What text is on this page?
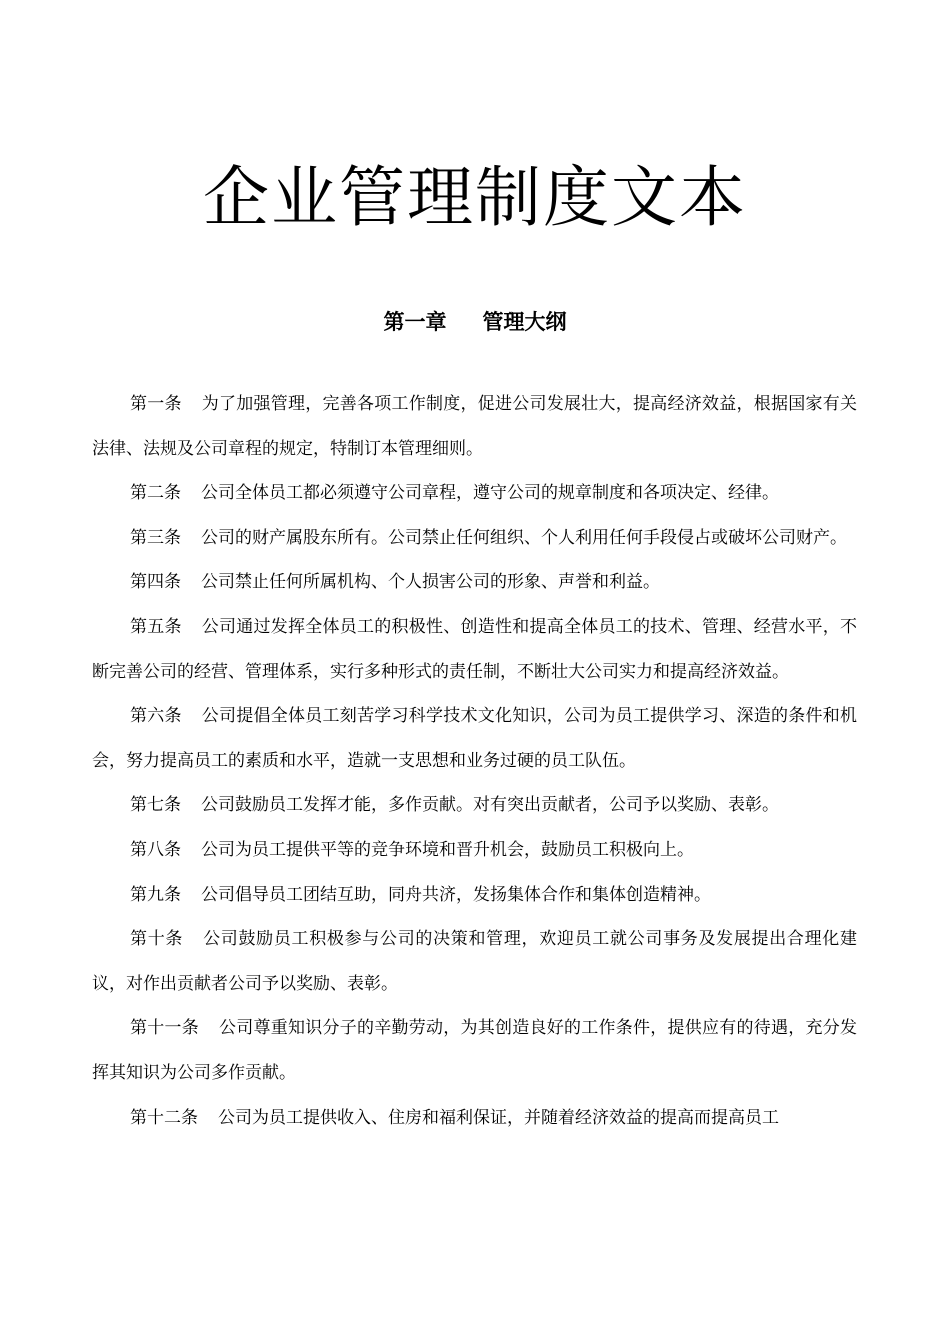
企业管理制度文本
第一章 管理大纲
第一条 为了加强管理，完善各项工作制度，促进公司发展壮大，提高经济效益，根据国家有关法律、法规及公司章程的规定，特制订本管理细则。
第二条 公司全体员工都必须遵守公司章程，遵守公司的规章制度和各项决定、经律。
第三条 公司的财产属股东所有。公司禁止任何组织、个人利用任何手段侵占或破坏公司财产。
第四条 公司禁止任何所属机构、个人损害公司的形象、声誉和利益。
第五条 公司通过发挥全体员工的积极性、创造性和提高全体员工的技术、管理、经营水平，不断完善公司的经营、管理体系，实行多种形式的责任制，不断壮大公司实力和提高经济效益。
第六条 公司提倡全体员工刻苦学习科学技术文化知识，公司为员工提供学习、深造的条件和机会，努力提高员工的素质和水平，造就一支思想和业务过硬的员工队伍。
第七条 公司鼓励员工发挥才能，多作贡献。对有突出贡献者，公司予以奖励、表彰。
第八条 公司为员工提供平等的竞争环境和晋升机会，鼓励员工积极向上。
第九条 公司倡导员工团结互助，同舟共济，发扬集体合作和集体创造精神。
第十条 公司鼓励员工积极参与公司的决策和管理，欢迎员工就公司事务及发展提出合理化建议，对作出贡献者公司予以奖励、表彰。
第十一条 公司尊重知识分子的辛勤劳动，为其创造良好的工作条件，提供应有的待遇，充分发挥其知识为公司多作贡献。
第十二条 公司为员工提供收入、住房和福利保证，并随着经济效益的提高而提高员工
